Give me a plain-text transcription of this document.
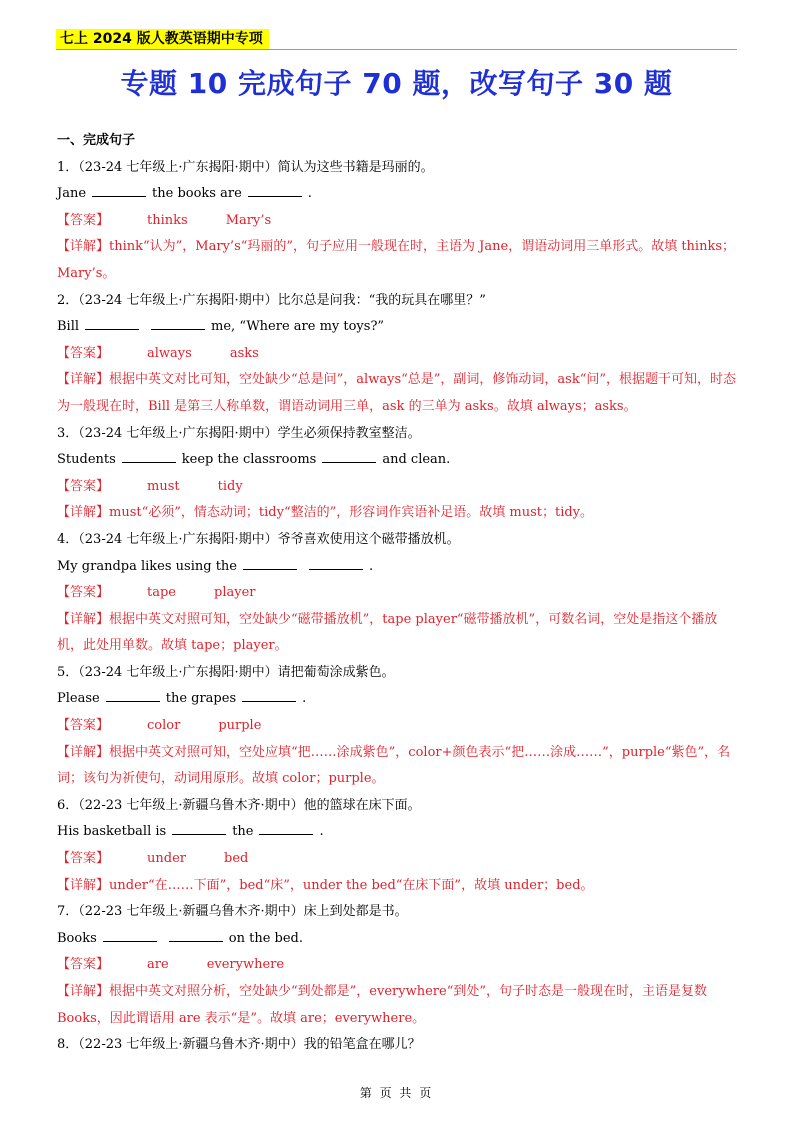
七上 2024 版人教英语期中专项
专题 10 完成句子 70 题，改写句子 30 题
一、完成句子
1．（23-24 七年级上·广东揭阳·期中）简认为这些书籍是玛丽的。
Jane	the books are	.
【答案】	thinks	Mary’s
【详解】think“认为”，Mary’s“玛丽的”，句子应用一般现在时，主语为 Jane，谓语动词用三单形式。故填 thinks；Mary’s。
2．（23-24 七年级上·广东揭阳·期中）比尔总是问我：“我的玩具在哪里？”
Bill	me, “Where are my toys?”
【答案】	always	asks
【详解】根据中英文对比可知，空处缺少“总是问”，always“总是”，副词，修饰动词，ask“问”，根据题干可知，时态为一般现在时，Bill 是第三人称单数，谓语动词用三单，ask 的三单为 asks。故填 always；asks。
3．（23-24 七年级上·广东揭阳·期中）学生必须保持教室整洁。
Students	keep the classrooms	and clean.
【答案】	must	tidy
【详解】must“必须”，情态动词；tidy“整洁的”，形容词作宾语补足语。故填 must；tidy。
4．（23-24 七年级上·广东揭阳·期中）爷爷喜欢使用这个磁带播放机。
My grandpa likes using the	.
【答案】	tape	player
【详解】根据中英文对照可知，空处缺少“磁带播放机”，tape player“磁带播放机”，可数名词，空处是指这个播放机，此处用单数。故填 tape；player。
5．（23-24 七年级上·广东揭阳·期中）请把葡萄涂成紫色。
Please	the grapes	.
【答案】	color	purple
【详解】根据中英文对照可知，空处应填“把……涂成紫色”，color+颜色表示“把……涂成……”，purple“紫色”，名词；该句为祈使句，动词用原形。故填 color；purple。
6．（22-23 七年级上·新疆乌鲁木齐·期中）他的篮球在床下面。
His basketball is	the	.
【答案】	under	bed
【详解】under“在……下面”，bed“床”，under the bed“在床下面”，故填 under；bed。
7．（22-23 七年级上·新疆乌鲁木齐·期中）床上到处都是书。
Books	on the bed.
【答案】	are	everywhere
【详解】根据中英文对照分析，空处缺少“到处都是”，everywhere“到处”，句子时态是一般现在时，主语是复数 Books，因此谓语用 are 表示“是”。故填 are；everywhere。
8．（22-23 七年级上·新疆乌鲁木齐·期中）我的铅笔盒在哪儿？
第 页 共 页
